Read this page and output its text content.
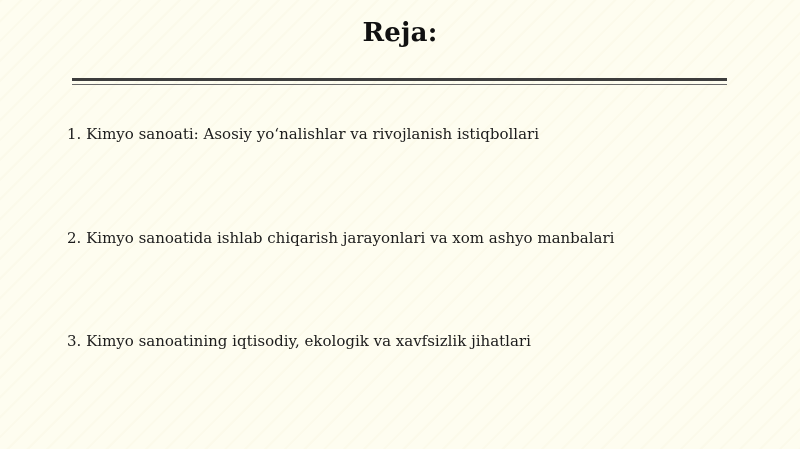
Reja:
1. Kimyo sanoati: Asosiy yo‘nalishlar va rivojlanish istiqbollari
2. Kimyo sanoatida ishlab chiqarish jarayonlari va xom ashyo manbalari
3. Kimyo sanoatining iqtisodiy, ekologik va xavfsizlik jihatlari
